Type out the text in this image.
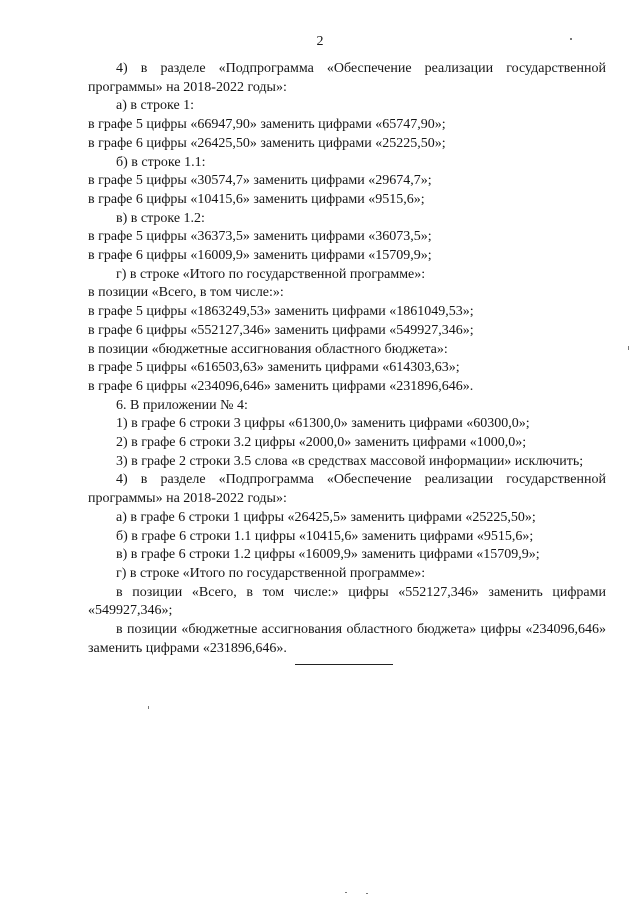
2

4) в разделе «Подпрограмма «Обеспечение реализации государственной программы» на 2018-2022 годы»:

а) в строке 1:

в графе 5 цифры «66947,90» заменить цифрами «65747,90»;

в графе 6 цифры «26425,50» заменить цифрами «25225,50»;

б) в строке 1.1:

в графе 5 цифры «30574,7» заменить цифрами «29674,7»;

в графе 6 цифры «10415,6» заменить цифрами «9515,6»;

в) в строке 1.2:

в графе 5 цифры «36373,5» заменить цифрами «36073,5»;

в графе 6 цифры «16009,9» заменить цифрами «15709,9»;

г) в строке «Итого по государственной программе»:

в позиции «Всего, в том числе:»:

в графе 5 цифры «1863249,53» заменить цифрами «1861049,53»;

в графе 6 цифры «552127,346» заменить цифрами «549927,346»;

в позиции «бюджетные ассигнования областного бюджета»:

в графе 5 цифры «616503,63» заменить цифрами «614303,63»;

в графе 6 цифры «234096,646» заменить цифрами «231896,646».

6. В приложении № 4:

1) в графе 6 строки 3 цифры «61300,0» заменить цифрами «60300,0»;

2) в графе 6 строки 3.2 цифры «2000,0» заменить цифрами «1000,0»;

3) в графе 2 строки 3.5 слова «в средствах массовой информации» исключить;

4) в разделе «Подпрограмма «Обеспечение реализации государственной программы» на 2018-2022 годы»:

а) в графе 6 строки 1 цифры «26425,5» заменить цифрами «25225,50»;

б) в графе 6 строки 1.1 цифры «10415,6» заменить цифрами «9515,6»;

в) в графе 6 строки 1.2 цифры «16009,9» заменить цифрами «15709,9»;

г) в строке «Итого по государственной программе»:

в позиции «Всего, в том числе:» цифры «552127,346» заменить цифрами «549927,346»;

в позиции «бюджетные ассигнования областного бюджета» цифры «234096,646» заменить цифрами «231896,646».
